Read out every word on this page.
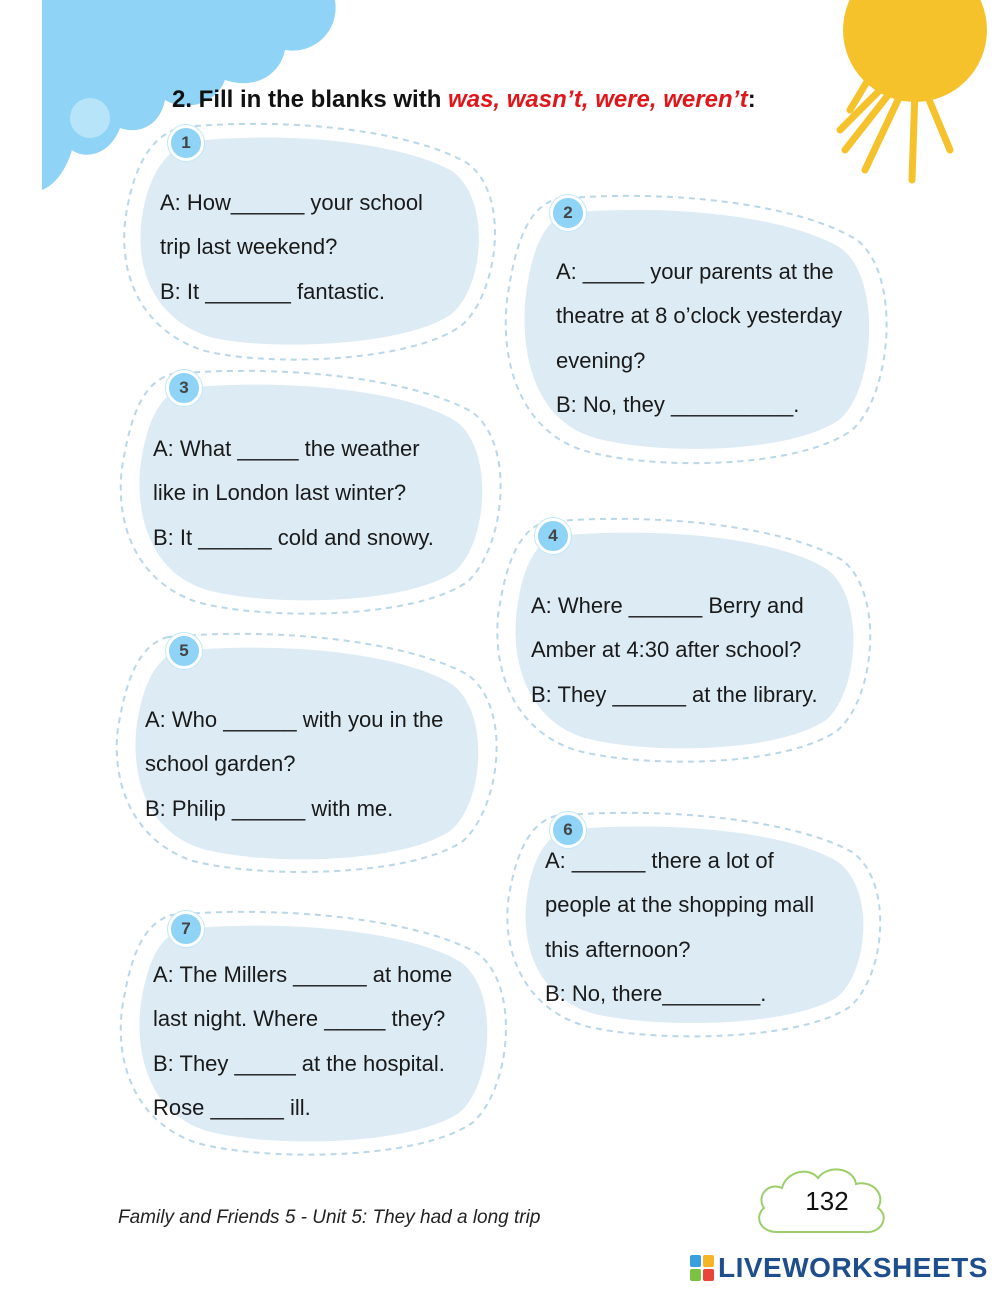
2. Fill in the blanks with was, wasn’t, were, weren’t:
1
A: How______ your school
trip last weekend?
B: It _______ fantastic.
2
A: _____ your parents at the
theatre at 8 o’clock yesterday
evening?
B: No, they __________.
3
A: What _____ the weather
like in London last winter?
B: It ______ cold and snowy.	4
A: Where ______ Berry and
Amber at 4:30 after school?
B: They ______ at the library.
5
A: Who ______ with you in the
school garden?
B: Philip ______ with me.
6
A: ______ there a lot of
people at the shopping mall
this afternoon?
B: No, there________.
7
A: The Millers ______ at home
last night. Where _____ they?
B: They _____ at the hospital.
Rose ______ ill.
Family and Friends 5 - Unit 5: They had a long trip
132
LIVEWORKSHEETS
